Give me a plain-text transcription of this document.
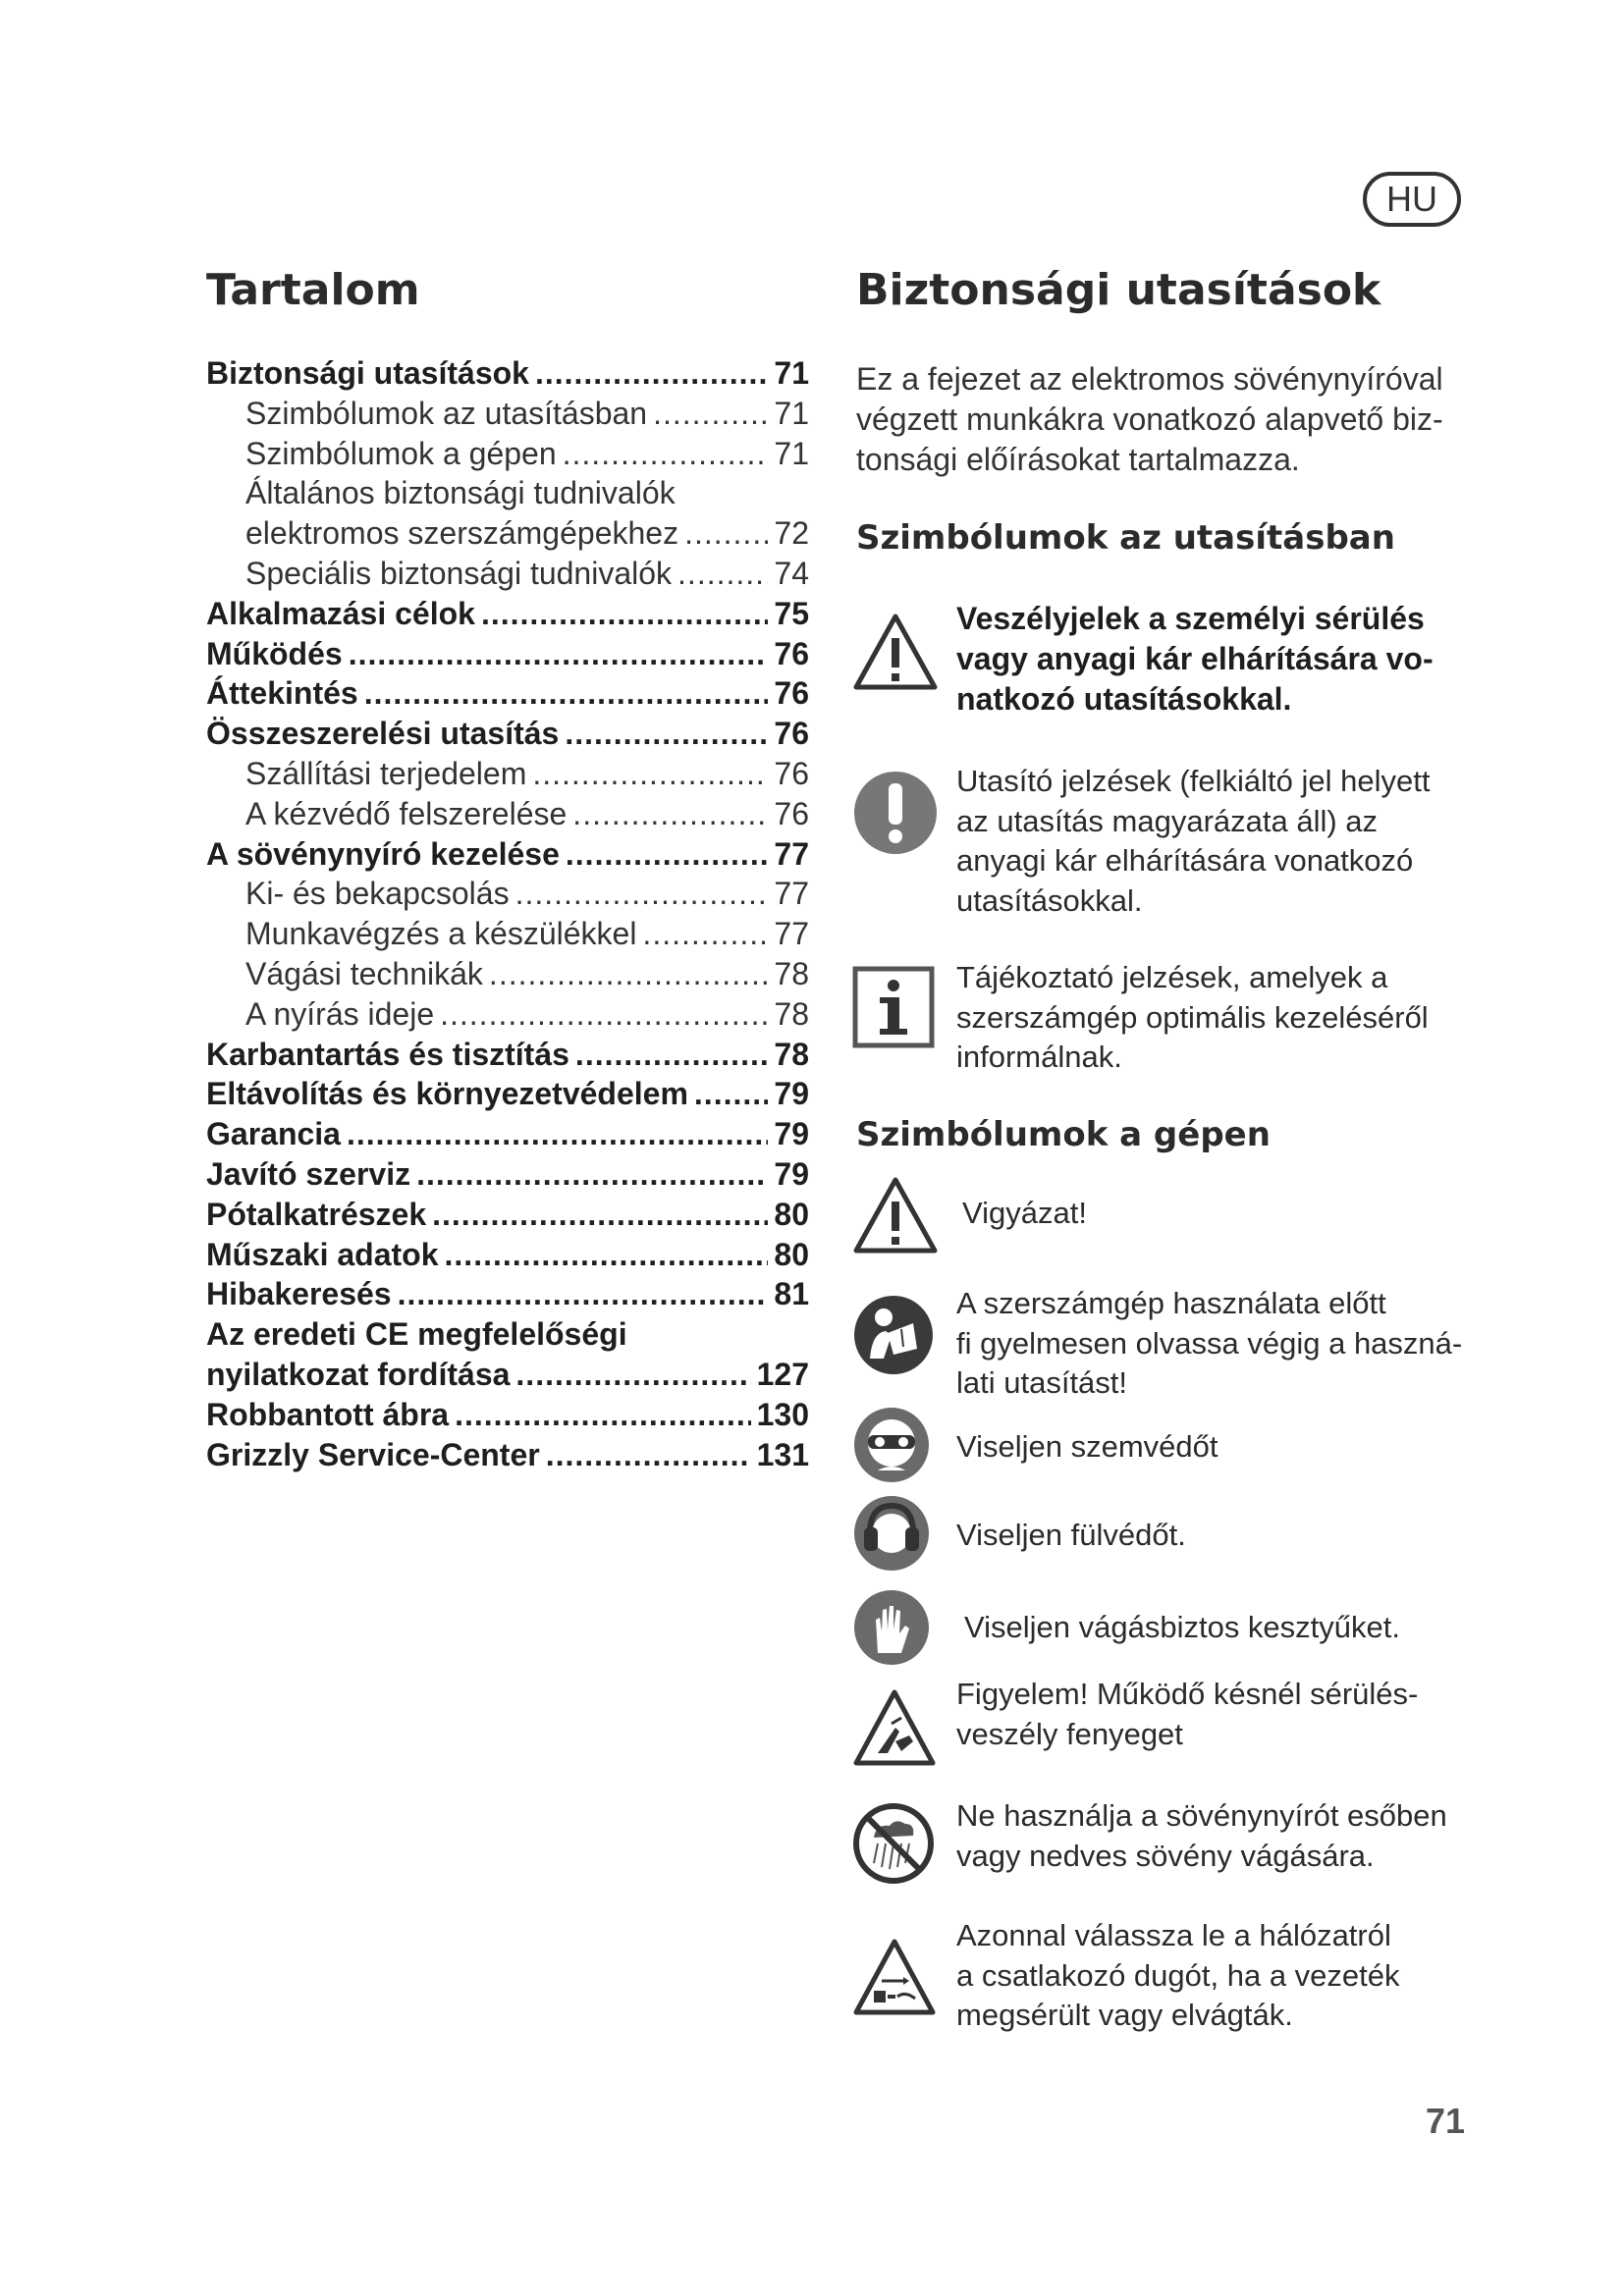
HU
Tartalom
Biztonsági utasítások .....	71
Szimbólumok az utasításban .....	71
Szimbólumok a gépen .....	71
Általános biztonsági tudnivalók
elektromos szerszámgépekhez .....	72
Speciális biztonsági tudnivalók .....	74
Alkalmazási célok .....	75
Működés .....	76
Áttekintés .....	76
Összeszerelési utasítás .....	76
Szállítási terjedelem .....	76
A kézvédő felszerelése .....	76
A sövénynyíró kezelése .....	77
Ki- és bekapcsolás .....	77
Munkavégzés a készülékkel .....	77
Vágási technikák .....	78
A nyírás ideje .....	78
Karbantartás és tisztítás .....	78
Eltávolítás és környezetvédelem .....	79
Garancia .....	79
Javító szerviz .....	79
Pótalkatrészek .....	80
Műszaki adatok .....	80
Hibakeresés .....	81
Az eredeti CE megfelelőségi
nyilatkozat fordítása .....	127
Robbantott ábra .....	130
Grizzly Service-Center .....	131
Biztonsági utasítások
Ez a fejezet az elektromos sövénynyíróval
végzett munkákra vonatkozó alapvető biz-
tonsági előírásokat tartalmazza.
Szimbólumok az utasításban
Veszélyjelek a személyi sérülés
vagy anyagi kár elhárítására vo-
natkozó utasításokkal.
Utasító jelzések (felkiáltó jel helyett
az utasítás magyarázata áll) az
anyagi kár elhárítására vonatkozó
utasításokkal.
Tájékoztató jelzések, amelyek a
szerszámgép optimális kezeléséről
informálnak.
Szimbólumok a gépen
Vigyázat!
A szerszámgép használata előtt
fi gyelmesen olvassa végig a haszná-
lati utasítást!
Viseljen szemvédőt
Viseljen fülvédőt.
Viseljen vágásbiztos kesztyűket.
Figyelem! Működő késnél sérülés-
veszély fenyeget
Ne használja a sövénynyírót esőben
vagy nedves sövény vágására.
Azonnal válassza le a hálózatról
a csatlakozó dugót, ha a vezeték
megsérült vagy elvágták.
71
